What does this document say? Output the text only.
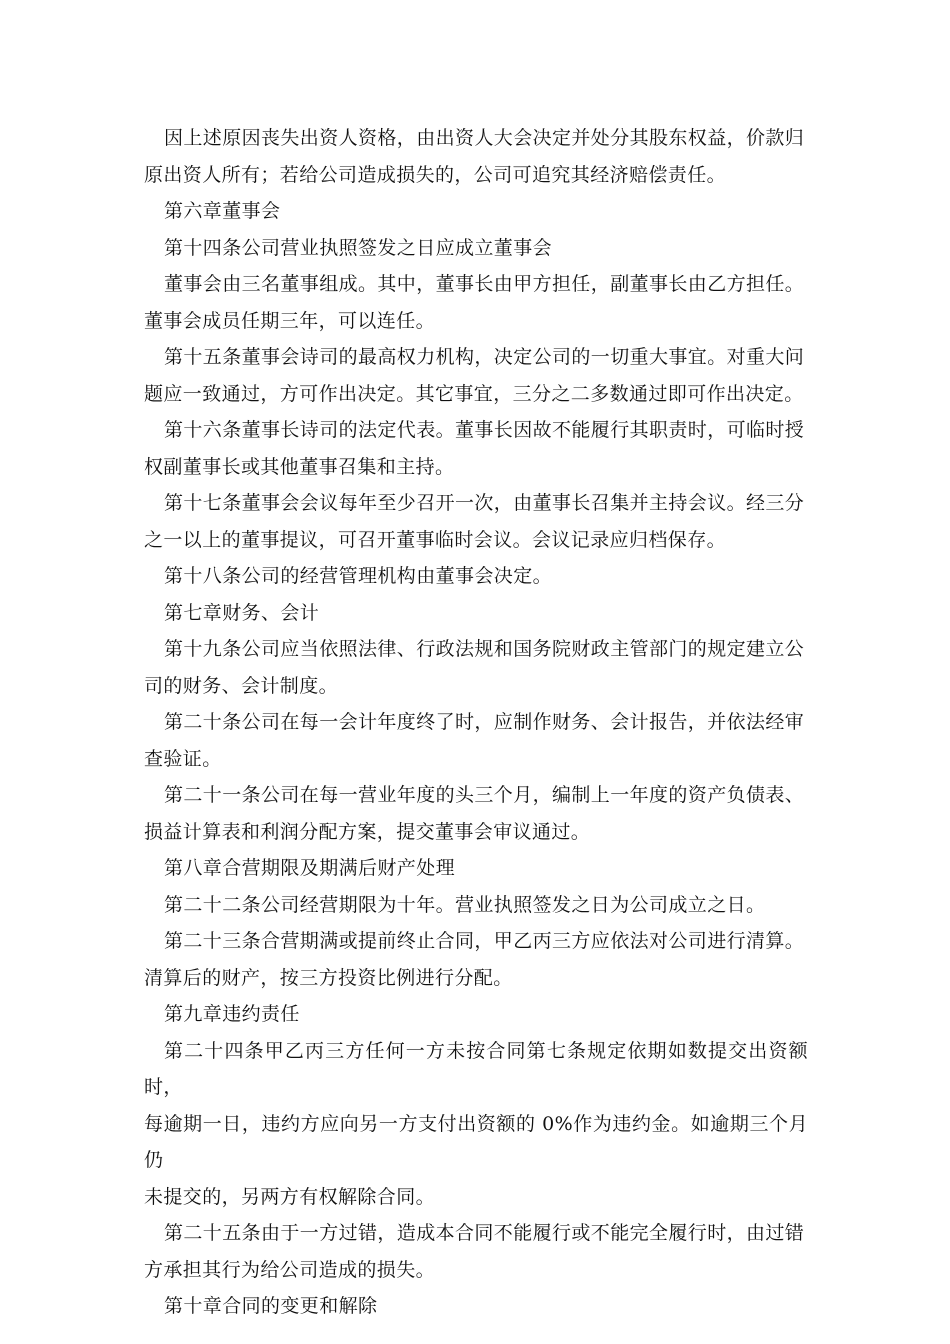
因上述原因丧失出资人资格，由出资人大会决定并处分其股东权益，价款归
原出资人所有；若给公司造成损失的，公司可追究其经济赔偿责任。

第六章董事会

第十四条公司营业执照签发之日应成立董事会

董事会由三名董事组成。其中，董事长由甲方担任，副董事长由乙方担任。
董事会成员任期三年，可以连任。

第十五条董事会诗司的最高权力机构，决定公司的一切重大事宜。对重大问
题应一致通过，方可作出决定。其它事宜，三分之二多数通过即可作出决定。

第十六条董事长诗司的法定代表。董事长因故不能履行其职责时，可临时授
权副董事长或其他董事召集和主持。

第十七条董事会会议每年至少召开一次，由董事长召集并主持会议。经三分
之一以上的董事提议，可召开董事临时会议。会议记录应归档保存。

第十八条公司的经营管理机构由董事会决定。

第七章财务、会计

第十九条公司应当依照法律、行政法规和国务院财政主管部门的规定建立公
司的财务、会计制度。

第二十条公司在每一会计年度终了时，应制作财务、会计报告，并依法经审
查验证。

第二十一条公司在每一营业年度的头三个月，编制上一年度的资产负债表、
损益计算表和利润分配方案，提交董事会审议通过。

第八章合营期限及期满后财产处理

第二十二条公司经营期限为十年。营业执照签发之日为公司成立之日。

第二十三条合营期满或提前终止合同，甲乙丙三方应依法对公司进行清算。
清算后的财产，按三方投资比例进行分配。

第九章违约责任

第二十四条甲乙丙三方任何一方未按合同第七条规定依期如数提交出资额时，
每逾期一日，违约方应向另一方支付出资额的 0%作为违约金。如逾期三个月仍
未提交的，另两方有权解除合同。

第二十五条由于一方过错，造成本合同不能履行或不能完全履行时，由过错
方承担其行为给公司造成的损失。

第十章合同的变更和解除
